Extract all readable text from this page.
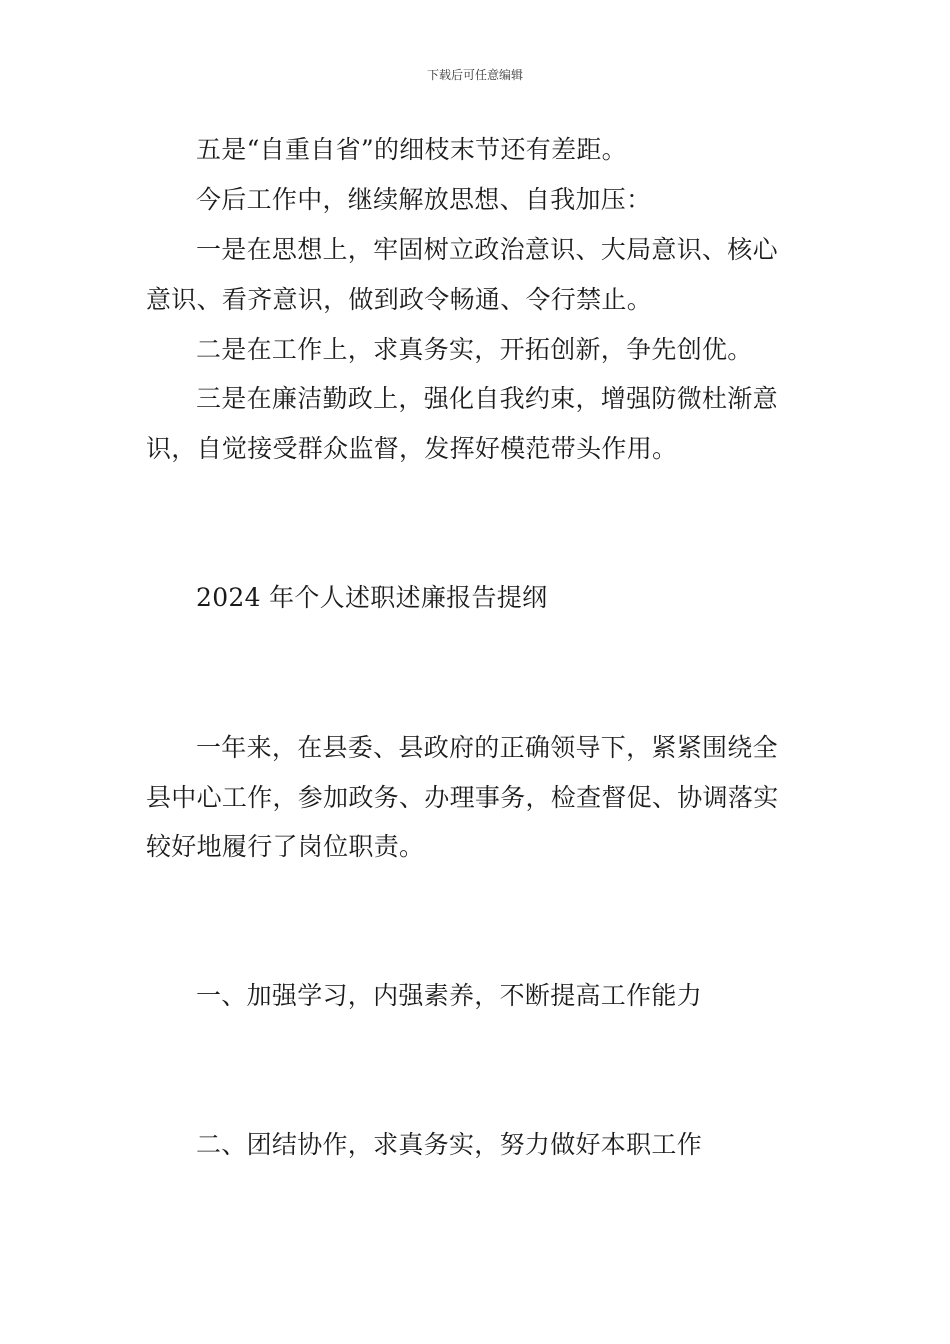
下载后可任意编辑
五是“自重自省”的细枝末节还有差距。
今后工作中，继续解放思想、自我加压：
一是在思想上，牢固树立政治意识、大局意识、核心
意识、看齐意识，做到政令畅通、令行禁止。
二是在工作上，求真务实，开拓创新，争先创优。
三是在廉洁勤政上，强化自我约束，增强防微杜渐意
识，自觉接受群众监督，发挥好模范带头作用。
2024 年个人述职述廉报告提纲
一年来，在县委、县政府的正确领导下，紧紧围绕全
县中心工作，参加政务、办理事务，检查督促、协调落实
较好地履行了岗位职责。
一、加强学习，内强素养，不断提高工作能力
二、团结协作，求真务实，努力做好本职工作
